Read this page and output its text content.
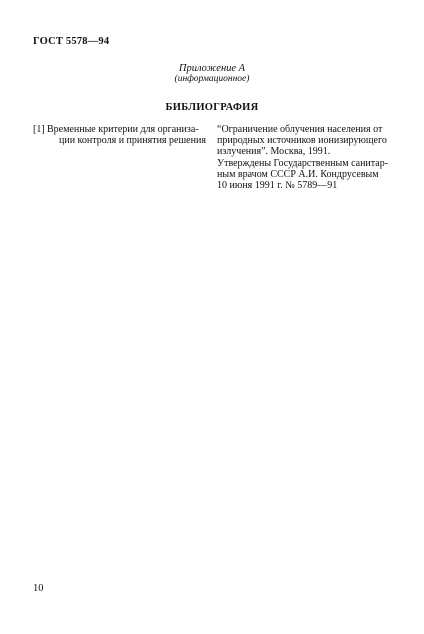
ГОСТ 5578—94
Приложение А
(информационное)
БИБЛИОГРАФИЯ
[1] Временные критерии для организа-
ции контроля и принятия решения
“Ограничение облучения населения от
природных источников ионизирующего
излучения”. Москва, 1991.
Утверждены Государственным санитар-
ным врачом СССР А.И. Кондрусевым
10 июня 1991 г. № 5789—91
10
